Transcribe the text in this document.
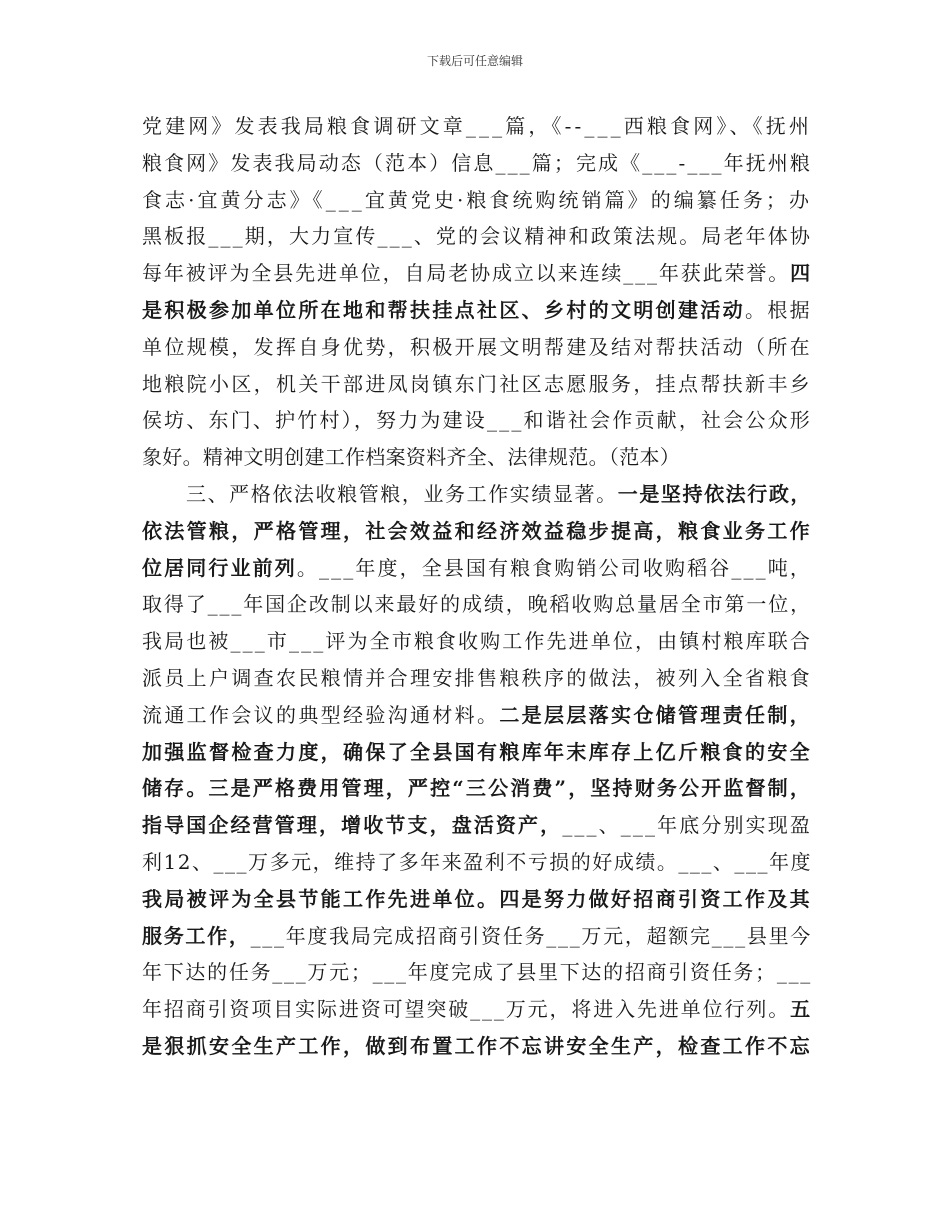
下载后可任意编辑
党建网》发表我局粮食调研文章___篇，《--___西粮食网》、《抚州
粮食网》发表我局动态（范本）信息___篇；完成《___-___年抚州粮
食志·宜黄分志》《___宜黄党史·粮食统购统销篇》的编纂任务；办
黑板报___期，大力宣传___、党的会议精神和政策法规。局老年体协
每年被评为全县先进单位，自局老协成立以来连续___年获此荣誉。四
是积极参加单位所在地和帮扶挂点社区、乡村的文明创建活动。根据
单位规模，发挥自身优势，积极开展文明帮建及结对帮扶活动（所在
地粮院小区，机关干部进凤岗镇东门社区志愿服务，挂点帮扶新丰乡
侯坊、东门、护竹村），努力为建设___和谐社会作贡献，社会公众形
象好。精神文明创建工作档案资料齐全、法律规范。（范本）
三、严格依法收粮管粮，业务工作实绩显著。一是坚持依法行政，
依法管粮，严格管理，社会效益和经济效益稳步提高，粮食业务工作
位居同行业前列。___年度，全县国有粮食购销公司收购稻谷___吨，
取得了___年国企改制以来最好的成绩，晚稻收购总量居全市第一位，
我局也被___市___评为全市粮食收购工作先进单位，由镇村粮库联合
派员上户调查农民粮情并合理安排售粮秩序的做法，被列入全省粮食
流通工作会议的典型经验沟通材料。二是层层落实仓储管理责任制，
加强监督检查力度，确保了全县国有粮库年末库存上亿斤粮食的安全
储存。三是严格费用管理，严控“三公消费”，坚持财务公开监督制，
指导国企经营管理，增收节支，盘活资产，___、___年底分别实现盈
利12、___万多元，维持了多年来盈利不亏损的好成绩。___、___年度
我局被评为全县节能工作先进单位。四是努力做好招商引资工作及其
服务工作，___年度我局完成招商引资任务___万元，超额完___县里今
年下达的任务___万元；___年度完成了县里下达的招商引资任务；___
年招商引资项目实际进资可望突破___万元，将进入先进单位行列。五
是狠抓安全生产工作，做到布置工作不忘讲安全生产，检查工作不忘
